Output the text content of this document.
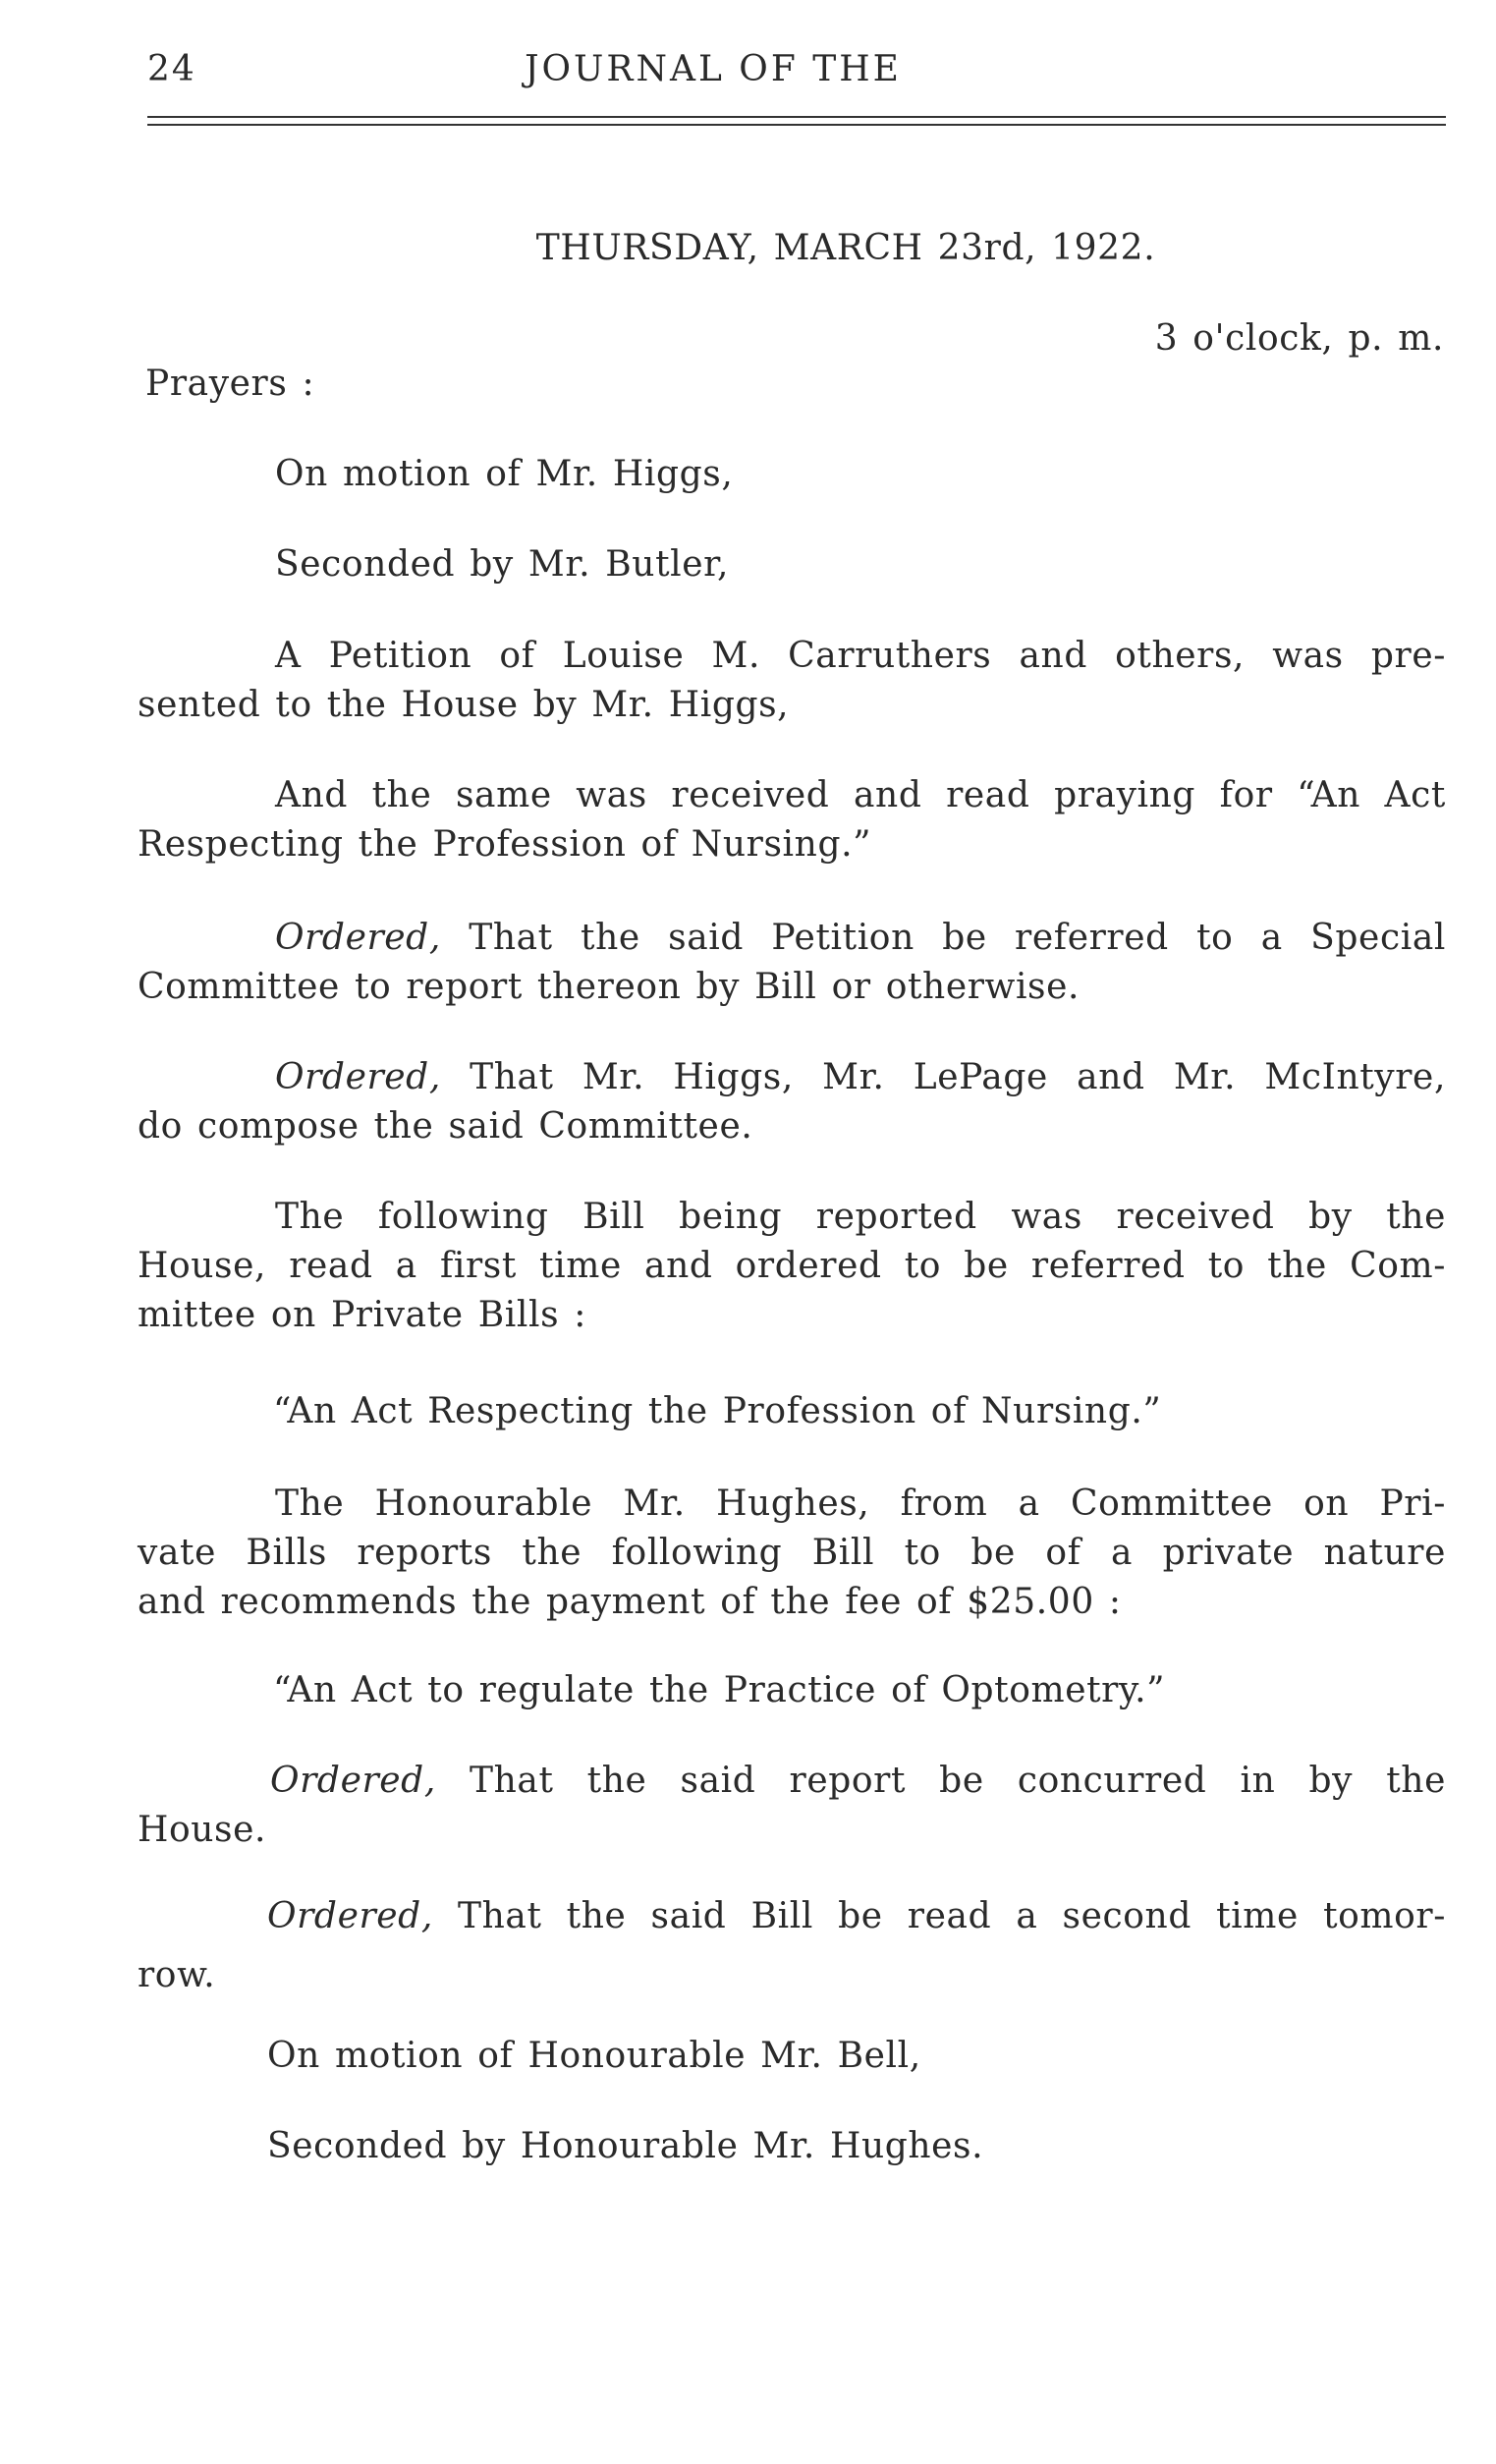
24	JOURNAL OF THE
THURSDAY, MARCH 23rd, 1922.
3 o'clock, p. m.
Prayers :
On motion of Mr. Higgs,
Seconded by Mr. Butler,
A Petition of Louise M. Carruthers and others, was pre-
sented to the House by Mr. Higgs,
And the same was received and read praying for “An Act
Respecting the Profession of Nursing.”
Ordered, That the said Petition be referred to a Special
Committee to report thereon by Bill or otherwise.
Ordered, That Mr. Higgs, Mr. LePage and Mr. McIntyre,
do compose the said Committee.
The following Bill being reported was received by the
House, read a first time and ordered to be referred to the Com-
mittee on Private Bills :
“An Act Respecting the Profession of Nursing.”
The Honourable Mr. Hughes, from a Committee on Pri-
vate Bills reports the following Bill to be of a private nature
and recommends the payment of the fee of $25.00 :
“An Act to regulate the Practice of Optometry.”
Ordered, That the said report be concurred in by the
House.
Ordered, That the said Bill be read a second time tomor-
row.
On motion of Honourable Mr. Bell,
Seconded by Honourable Mr. Hughes.
